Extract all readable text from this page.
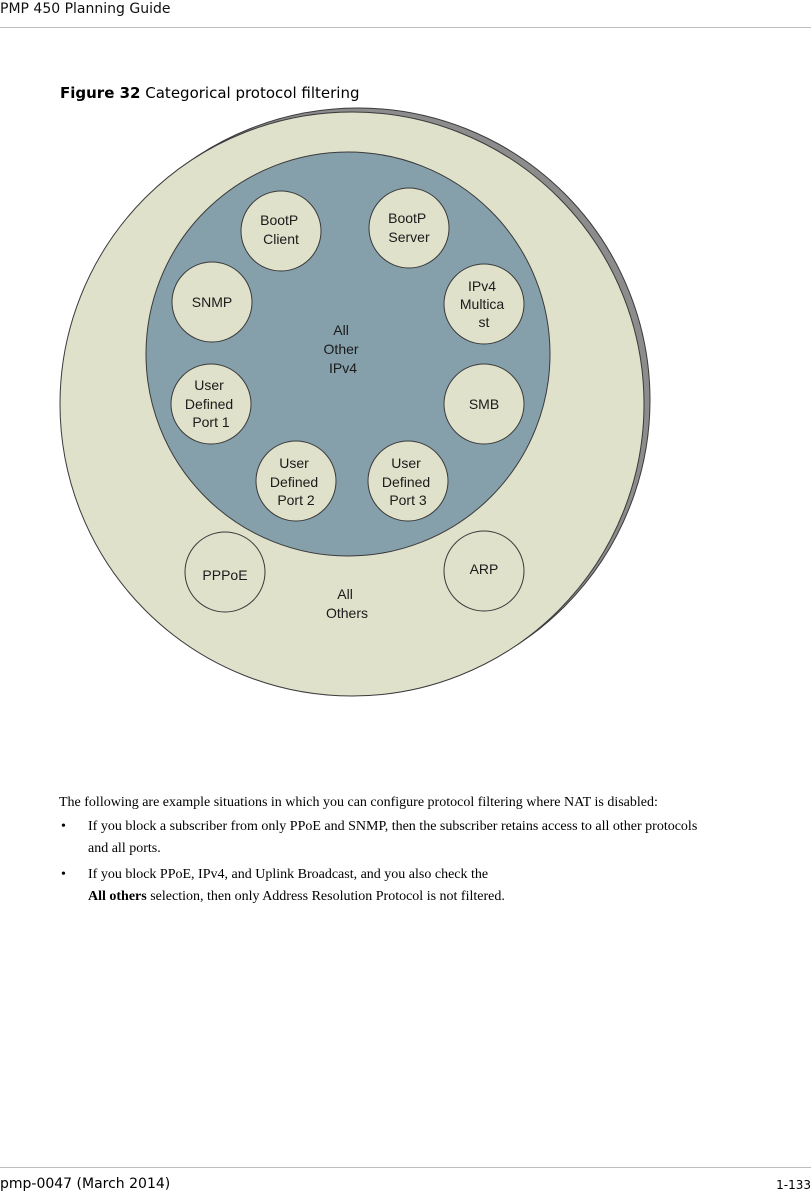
PMP 450 Planning Guide
Figure 32 Categorical protocol filtering
All Other IPv4
BootP Client
BootP Server
SNMP
IPv4 Multica st
User Defined Port 1
SMB
User Defined Port 2
User Defined Port 3
PPPoE	ARP
All Others

The following are example situations in which you can configure protocol filtering where NAT is disabled:

• If you block a subscriber from only PPoE and SNMP, then the subscriber retains access to all other protocols
and all ports.
• If you block PPoE, IPv4, and Uplink Broadcast, and you also check the
All others selection, then only Address Resolution Protocol is not filtered.
pmp-0047 (March 2014)	1-133
